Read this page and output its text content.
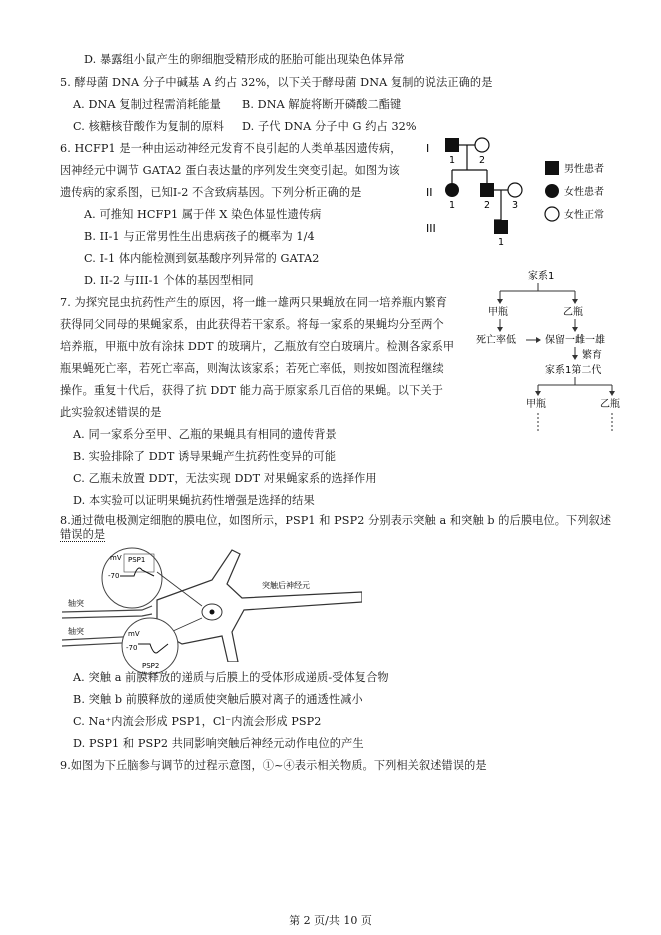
D. 暴露组小鼠产生的卵细胞受精形成的胚胎可能出现染色体异常
5. 酵母菌 DNA 分子中碱基 A 约占 32%，以下关于酵母菌 DNA 复制的说法正确的是
A. DNA 复制过程需消耗能量 B. DNA 解旋将断开磷酸二酯键
C. 核糖核苷酸作为复制的原料 D. 子代 DNA 分子中 G 约占 32%
6. HCFP1 是一种由运动神经元发育不良引起的人类单基因遗传病，
因神经元中调节 GATA2 蛋白表达量的序列发生突变引起。如图为该
遗传病的家系图，已知I-2 不含致病基因。下列分析正确的是
A. 可推知 HCFP1 属于伴 X 染色体显性遗传病
B. II-1 与正常男性生出患病孩子的概率为 1/4
C. I-1 体内能检测到氨基酸序列异常的 GATA2
D. II-2 与III-1 个体的基因型相同
I
II
III
1	2
1	2 3
1
男性患者
女性患者
女性正常
7. 为探究昆虫抗药性产生的原因，将一雌一雄两只果蝇放在同一培养瓶内繁育
获得同父同母的果蝇家系，由此获得若干家系。将每一家系的果蝇均分至两个
培养瓶，甲瓶中放有涂抹 DDT 的玻璃片，乙瓶放有空白玻璃片。检测各家系甲
瓶果蝇死亡率，若死亡率高，则淘汰该家系；若死亡率低，则按如图流程继续
操作。重复十代后，获得了抗 DDT 能力高于原家系几百倍的果蝇。以下关于
此实验叙述错误的是
A. 同一家系分至甲、乙瓶的果蝇具有相同的遗传背景
B. 实验排除了 DDT 诱导果蝇产生抗药性变异的可能
C. 乙瓶未放置 DDT，无法实现 DDT 对果蝇家系的选择作用
D. 本实验可以证明果蝇抗药性增强是选择的结果
家系1
甲瓶	乙瓶
死亡率低	保留一雌一雄
繁育
家系1第二代
甲瓶	乙瓶
8.通过微电极测定细胞的膜电位，如图所示，PSP1 和 PSP2 分别表示突触 a 和突触 b 的后膜电位。下列叙述
错误的是
mV PSP1
-70
轴突
轴突
突触后神经元
mV
-70
PSP2
A. 突触 a 前膜释放的递质与后膜上的受体形成递质-受体复合物
B. 突触 b 前膜释放的递质使突触后膜对离子的通透性减小
C. Na⁺内流会形成 PSP1，Cl⁻内流会形成 PSP2
D. PSP1 和 PSP2 共同影响突触后神经元动作电位的产生
9.如图为下丘脑参与调节的过程示意图，①~④表示相关物质。下列相关叙述错误的是
第 2 页/共 10 页
